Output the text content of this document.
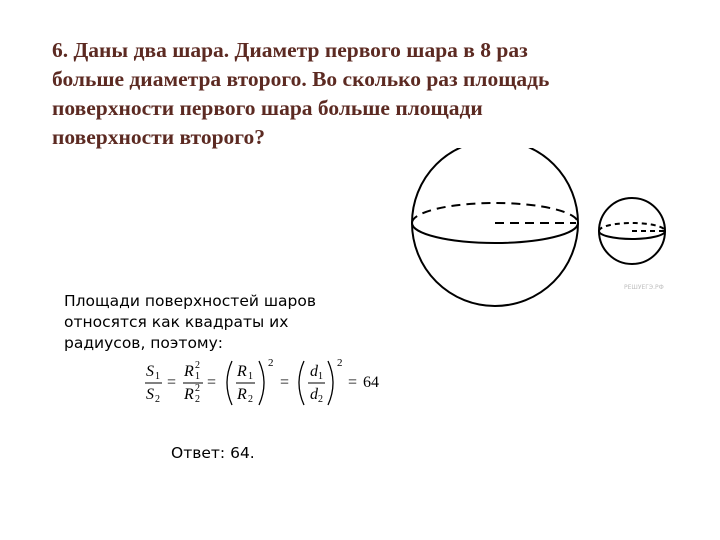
6. Даны два шара. Диаметр первого шара в 8 раз
больше диаметра второго. Во сколько раз площадь
поверхности первого шара больше площади
поверхности второго?
РЕШУЕГЭ.РФ
Площади поверхностей шаров
относятся как квадраты их
радиусов, поэтому:
S 1
S 2
=
R 1
2
R 2
2 =
R 1
R 2
2
=
d 1
d 2
2
= 64
Ответ: 64.
